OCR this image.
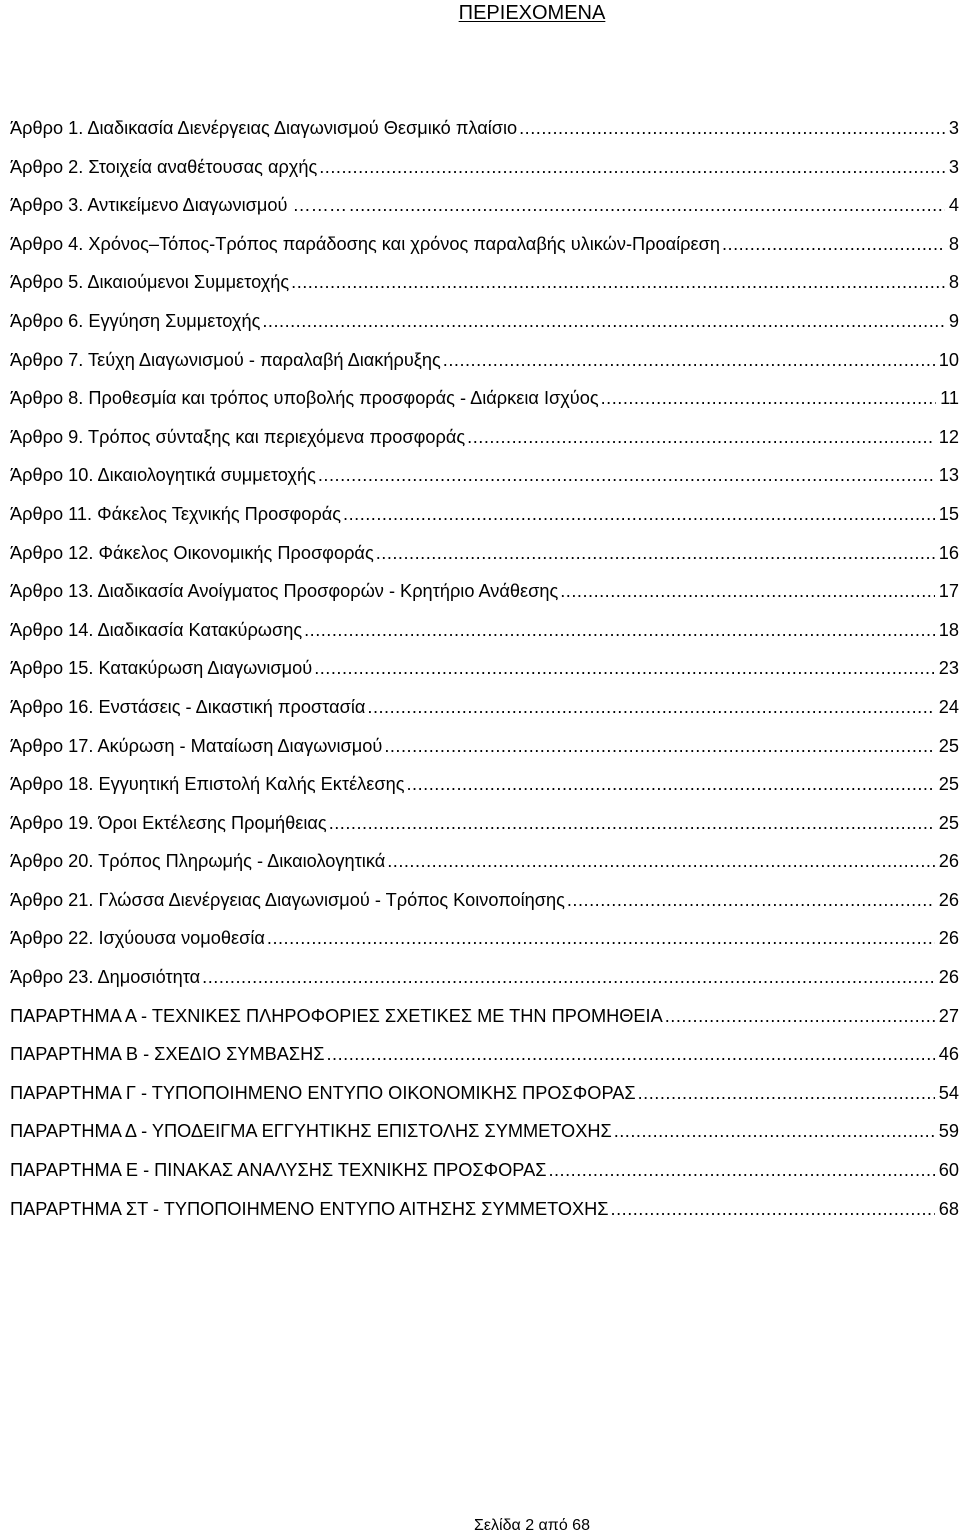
ΠΕΡΙΕΧΟΜΕΝΑ
Άρθρο 1. Διαδικασία Διενέργειας Διαγωνισμού Θεσμικό πλαίσιο .....	3
Άρθρο 2. Στοιχεία αναθέτουσας αρχής .....	3
Άρθρο 3. Αντικείμενο Διαγωνισμού ……… .....	4
Άρθρο 4. Χρόνος–Τόπος-Τρόπος παράδοσης και χρόνος παραλαβής υλικών-Προαίρεση .....	8
Άρθρο 5. Δικαιούμενοι Συμμετοχής .....	8
Άρθρο 6. Εγγύηση Συμμετοχής .....	9
Άρθρο 7. Τεύχη Διαγωνισμού - παραλαβή Διακήρυξης .....	10
Άρθρο 8. Προθεσμία και τρόπος υποβολής προσφοράς - Διάρκεια Ισχύος .....	11
Άρθρο 9. Τρόπος σύνταξης και περιεχόμενα προσφοράς .....	12
Άρθρο 10. Δικαιολογητικά συμμετοχής .....	13
Άρθρο 11. Φάκελος Τεχνικής Προσφοράς .....	15
Άρθρο 12. Φάκελος Οικονομικής Προσφοράς .....	16
Άρθρο 13. Διαδικασία Ανοίγματος Προσφορών - Κρητήριο Ανάθεσης .....	17
Άρθρο 14. Διαδικασία Κατακύρωσης .....	18
Άρθρο 15. Κατακύρωση Διαγωνισμού .....	23
Άρθρο 16. Ενστάσεις - Δικαστική προστασία .....	24
Άρθρο 17. Ακύρωση - Ματαίωση Διαγωνισμού .....	25
Άρθρο 18. Εγγυητική Επιστολή Καλής Εκτέλεσης .....	25
Άρθρο 19. Όροι Εκτέλεσης Προμήθειας .....	25
Άρθρο 20. Τρόπος Πληρωμής - Δικαιολογητικά .....	26
Άρθρο 21. Γλώσσα Διενέργειας Διαγωνισμού - Τρόπος Κοινοποίησης .....	26
Άρθρο 22. Ισχύουσα νομοθεσία .....	26
Άρθρο 23. Δημοσιότητα .....	26
ΠΑΡΑΡΤΗΜΑ Α - ΤΕΧΝΙΚΕΣ ΠΛΗΡΟΦΟΡΙΕΣ ΣΧΕΤΙΚΕΣ ΜΕ ΤΗΝ ΠΡΟΜΗΘΕΙΑ .....	27
ΠΑΡΑΡΤΗΜΑ Β - ΣΧΕΔΙΟ ΣΥΜΒΑΣΗΣ .....	46
ΠΑΡΑΡΤΗΜΑ Γ - ΤΥΠΟΠΟΙΗΜΕΝΟ ΕΝΤΥΠΟ ΟΙΚΟΝΟΜΙΚΗΣ ΠΡΟΣΦΟΡΑΣ .....	54
ΠΑΡΑΡΤΗΜΑ Δ - ΥΠΟΔΕΙΓΜΑ ΕΓΓΥΗΤΙΚΗΣ ΕΠΙΣΤΟΛΗΣ ΣΥΜΜΕΤΟΧΗΣ .....	59
ΠΑΡΑΡΤΗΜΑ Ε - ΠΙΝΑΚΑΣ ΑΝΑΛΥΣΗΣ ΤΕΧΝΙΚΗΣ ΠΡΟΣΦΟΡΑΣ .....	60
ΠΑΡΑΡΤΗΜΑ ΣΤ - ΤΥΠΟΠΟΙΗΜΕΝΟ ΕΝΤΥΠΟ ΑΙΤΗΣΗΣ ΣΥΜΜΕΤΟΧΗΣ .....	68
Σελίδα 2 από 68
